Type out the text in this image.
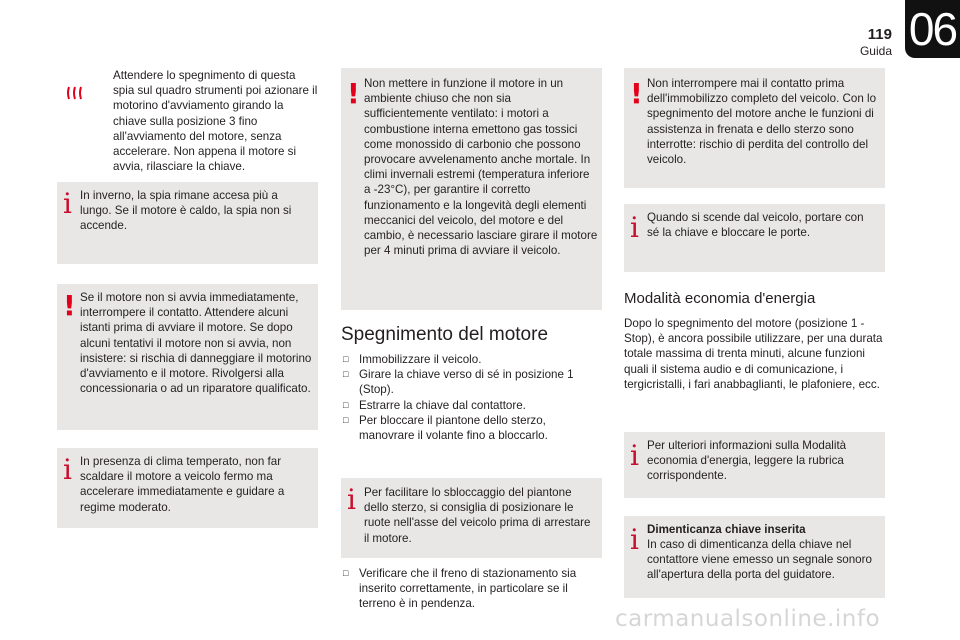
119
Guida 06
Attendere lo spegnimento di questa spia sul quadro strumenti poi azionare il motorino d'avviamento girando la chiave sulla posizione 3 fino all'avviamento del motore, senza accelerare. Non appena il motore si avvia, rilasciare la chiave.
i In inverno, la spia rimane accesa più a lungo. Se il motore è caldo, la spia non si accende.
! Se il motore non si avvia immediatamente, interrompere il contatto. Attendere alcuni istanti prima di avviare il motore. Se dopo alcuni tentativi il motore non si avvia, non insistere: si rischia di danneggiare il motorino d'avviamento e il motore. Rivolgersi alla concessionaria o ad un riparatore qualificato.
i In presenza di clima temperato, non far scaldare il motore a veicolo fermo ma accelerare immediatamente e guidare a regime moderato.
! Non mettere in funzione il motore in un ambiente chiuso che non sia sufficientemente ventilato: i motori a combustione interna emettono gas tossici come monossido di carbonio che possono provocare avvelenamento anche mortale. In climi invernali estremi (temperatura inferiore a -23°C), per garantire il corretto funzionamento e la longevità degli elementi meccanici del veicolo, del motore e del cambio, è necessario lasciare girare il motore per 4 minuti prima di avviare il veicolo.
Spegnimento del motore
□ Immobilizzare il veicolo.
□ Girare la chiave verso di sé in posizione 1 (Stop).
□ Estrarre la chiave dal contattore.
□ Per bloccare il piantone dello sterzo, manovrare il volante fino a bloccarlo.
i Per facilitare lo sbloccaggio del piantone dello sterzo, si consiglia di posizionare le ruote nell'asse del veicolo prima di arrestare il motore.
□ Verificare che il freno di stazionamento sia inserito correttamente, in particolare se il terreno è in pendenza.
! Non interrompere mai il contatto prima dell'immobilizzo completo del veicolo. Con lo spegnimento del motore anche le funzioni di assistenza in frenata e dello sterzo sono interrotte: rischio di perdita del controllo del veicolo.
i Quando si scende dal veicolo, portare con sé la chiave e bloccare le porte.
Modalità economia d'energia
Dopo lo spegnimento del motore (posizione 1 - Stop), è ancora possibile utilizzare, per una durata totale massima di trenta minuti, alcune funzioni quali il sistema audio e di comunicazione, i tergicristalli, i fari anabbaglianti, le plafoniere, ecc.
i Per ulteriori informazioni sulla Modalità economia d'energia, leggere la rubrica corrispondente.
i Dimenticanza chiave inserita
In caso di dimenticanza della chiave nel contattore viene emesso un segnale sonoro all'apertura della porta del guidatore.
carmanualsonline.info
